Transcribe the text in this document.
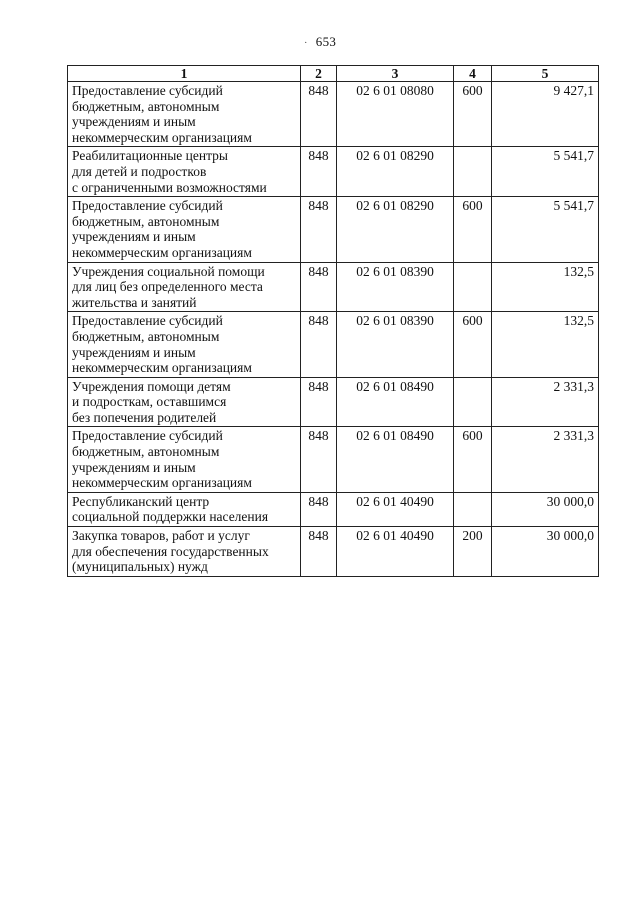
· 653
1	2	3	4	5

Предоставление субсидий
бюджетным, автономным
учреждениям и иным
некоммерческим организациям	848	02 6 01 08080	600	9 427,1

Реабилитационные центры
для детей и подростков
с ограниченными возможностями	848	02 6 01 08290		5 541,7

Предоставление субсидий
бюджетным, автономным
учреждениям и иным
некоммерческим организациям	848	02 6 01 08290	600	5 541,7

Учреждения социальной помощи
для лиц без определенного места
жительства и занятий	848	02 6 01 08390		132,5

Предоставление субсидий
бюджетным, автономным
учреждениям и иным
некоммерческим организациям	848	02 6 01 08390	600	132,5

Учреждения помощи детям
и подросткам, оставшимся
без попечения родителей	848	02 6 01 08490		2 331,3

Предоставление субсидий
бюджетным, автономным
учреждениям и иным
некоммерческим организациям	848	02 6 01 08490	600	2 331,3

Республиканский центр
социальной поддержки населения	848	02 6 01 40490		30 000,0

Закупка товаров, работ и услуг
для обеспечения государственных
(муниципальных) нужд	848	02 6 01 40490	200	30 000,0
